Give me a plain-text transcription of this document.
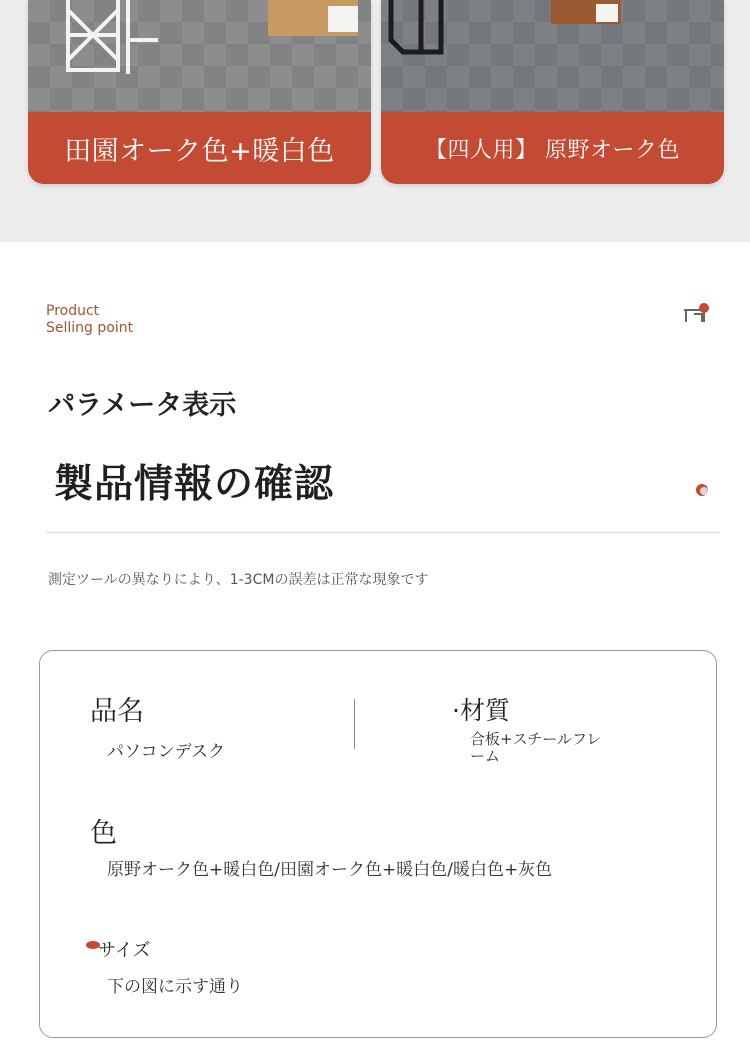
田園オーク色+暖白色	【四人用】 原野オーク色
Product
Selling point
パラメータ表示
製品情報の確認
測定ツールの異なりにより、1-3CMの誤差は正常な現象です
品名
パソコンデスク
·材質
合板+スチールフレーム
色
原野オーク色+暖白色/田園オーク色+暖白色/暖白色+灰色
サイズ
下の図に示す通り
